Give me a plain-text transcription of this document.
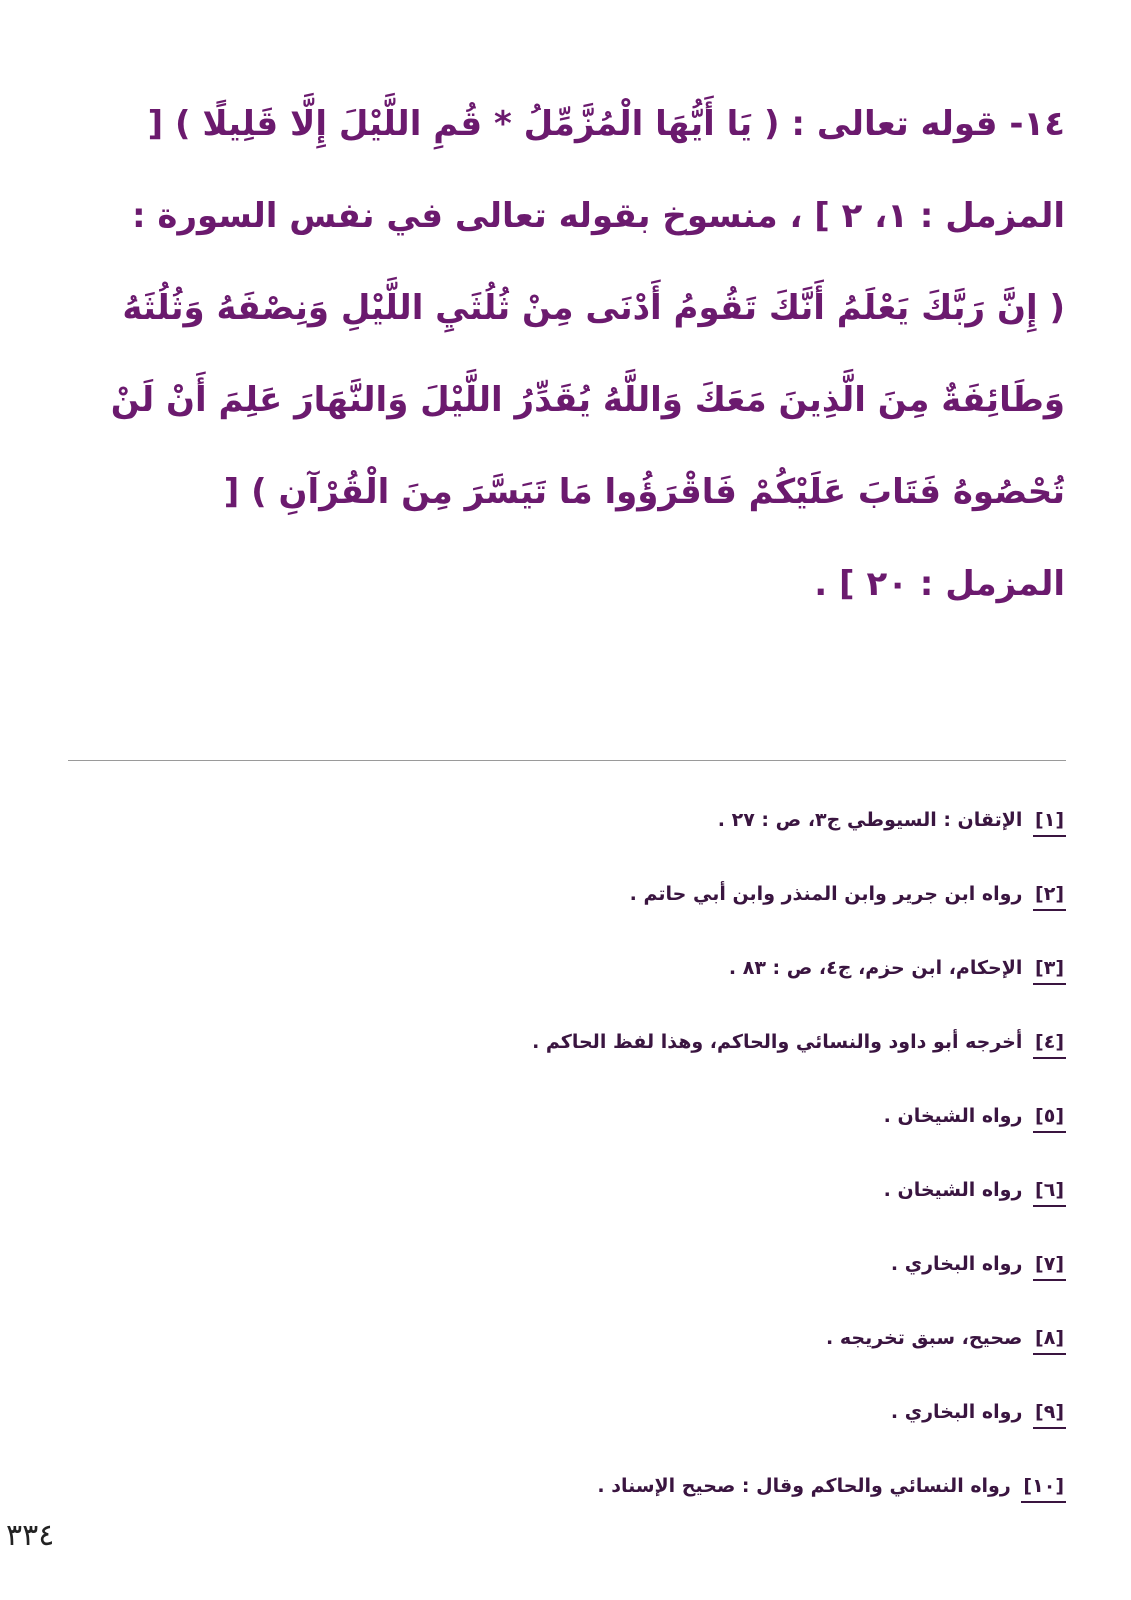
١٤- قوله تعالى : ( يَا أَيُّهَا الْمُزَّمِّلُ * قُمِ اللَّيْلَ إِلَّا قَلِيلًا ) [ المزمل : ١، ٢ ] ، منسوخ بقوله تعالى في نفس السورة : ( إِنَّ رَبَّكَ يَعْلَمُ أَنَّكَ تَقُومُ أَدْنَى مِنْ ثُلُثَيِ اللَّيْلِ وَنِصْفَهُ وَثُلُثَهُ وَطَائِفَةٌ مِنَ الَّذِينَ مَعَكَ وَاللَّهُ يُقَدِّرُ اللَّيْلَ وَالنَّهَارَ عَلِمَ أَنْ لَنْ تُحْصُوهُ فَتَابَ عَلَيْكُمْ فَاقْرَؤُوا مَا تَيَسَّرَ مِنَ الْقُرْآنِ ) [ المزمل : ٢٠ ] .

[١] الإتقان : السيوطي ج٣، ص : ٢٧ .
[٢] رواه ابن جرير وابن المنذر وابن أبي حاتم .
[٣] الإحكام، ابن حزم، ج٤، ص : ٨٣ .
[٤] أخرجه أبو داود والنسائي والحاكم، وهذا لفظ الحاكم .
[٥] رواه الشيخان .
[٦] رواه الشيخان .
[٧] رواه البخاري .
[٨] صحيح، سبق تخريجه .
[٩] رواه البخاري .
[١٠] رواه النسائي والحاكم وقال : صحيح الإسناد .
٣٣٤
